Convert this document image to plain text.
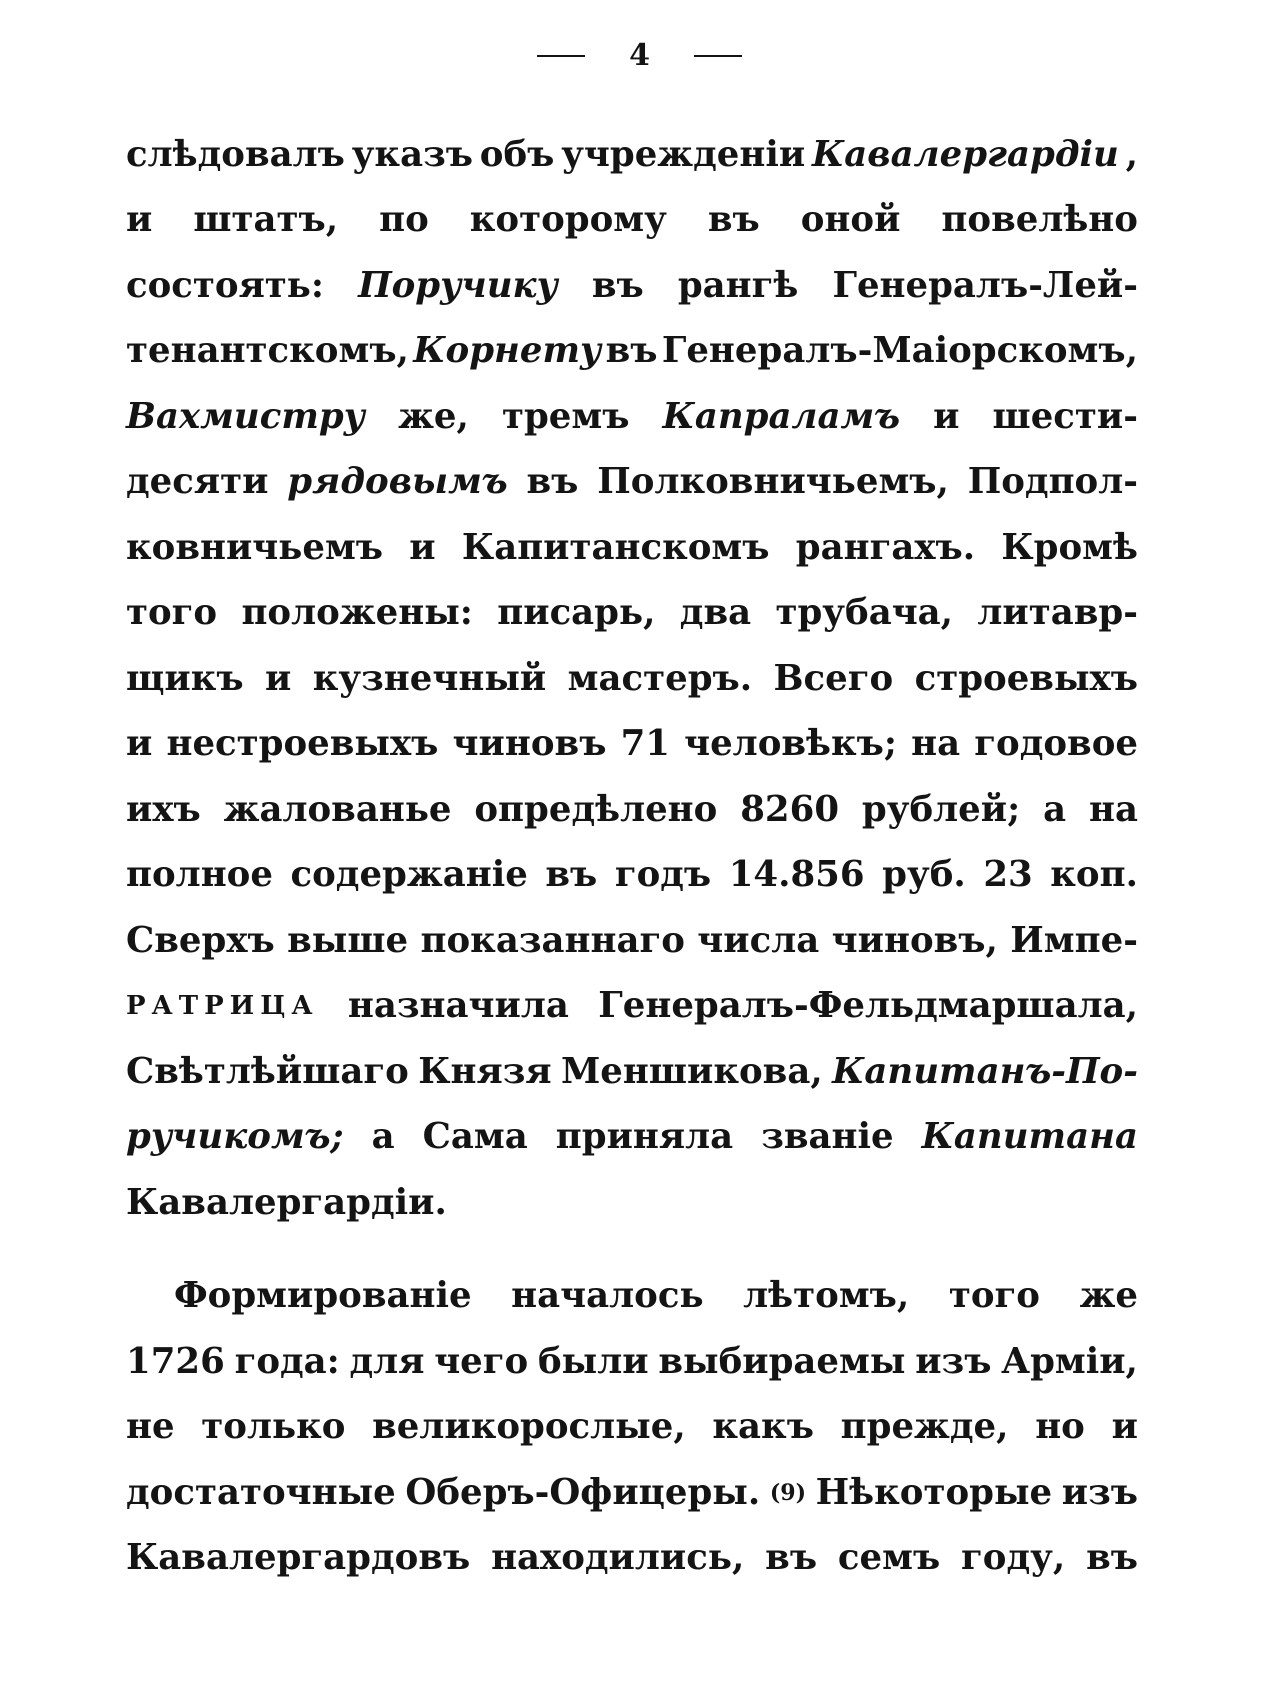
4
слѣдовалъ указъ объ учрежденіи Кавалергардіи ,
и штатъ, по которому въ оной повелѣно
состоять: Поручику въ рангѣ Генералъ-Лей-
тенантскомъ, Корнету въ Генералъ-Маіорскомъ,
Вахмистру же, тремъ Капраламъ и шести-
десяти рядовымъ въ Полковничьемъ, Подпол-
ковничьемъ и Капитанскомъ рангахъ. Кромѣ
того положены: писарь, два трубача, литавр-
щикъ и кузнечный мастеръ. Всего строевыхъ
и нестроевыхъ чиновъ 71 человѣкъ; на годовое
ихъ жалованье опредѣлено 8260 рублей; а на
полное содержаніе въ годъ 14.856 руб. 23 коп.
Сверхъ выше показаннаго числа чиновъ, Импе-
РАТРИЦА назначила Генералъ-Фельдмаршала,
Свѣтлѣйшаго Князя Меншикова, Капитанъ-По-
ручикомъ; а Сама приняла званіе Капитана
Кавалергардіи.
Формированіе началось лѣтомъ, того же
1726 года: для чего были выбираемы изъ Арміи,
не только великорослые, какъ прежде, но и
достаточные Оберъ-Офицеры. (9) Нѣкоторые изъ
Кавалергардовъ находились, въ семъ году, въ
